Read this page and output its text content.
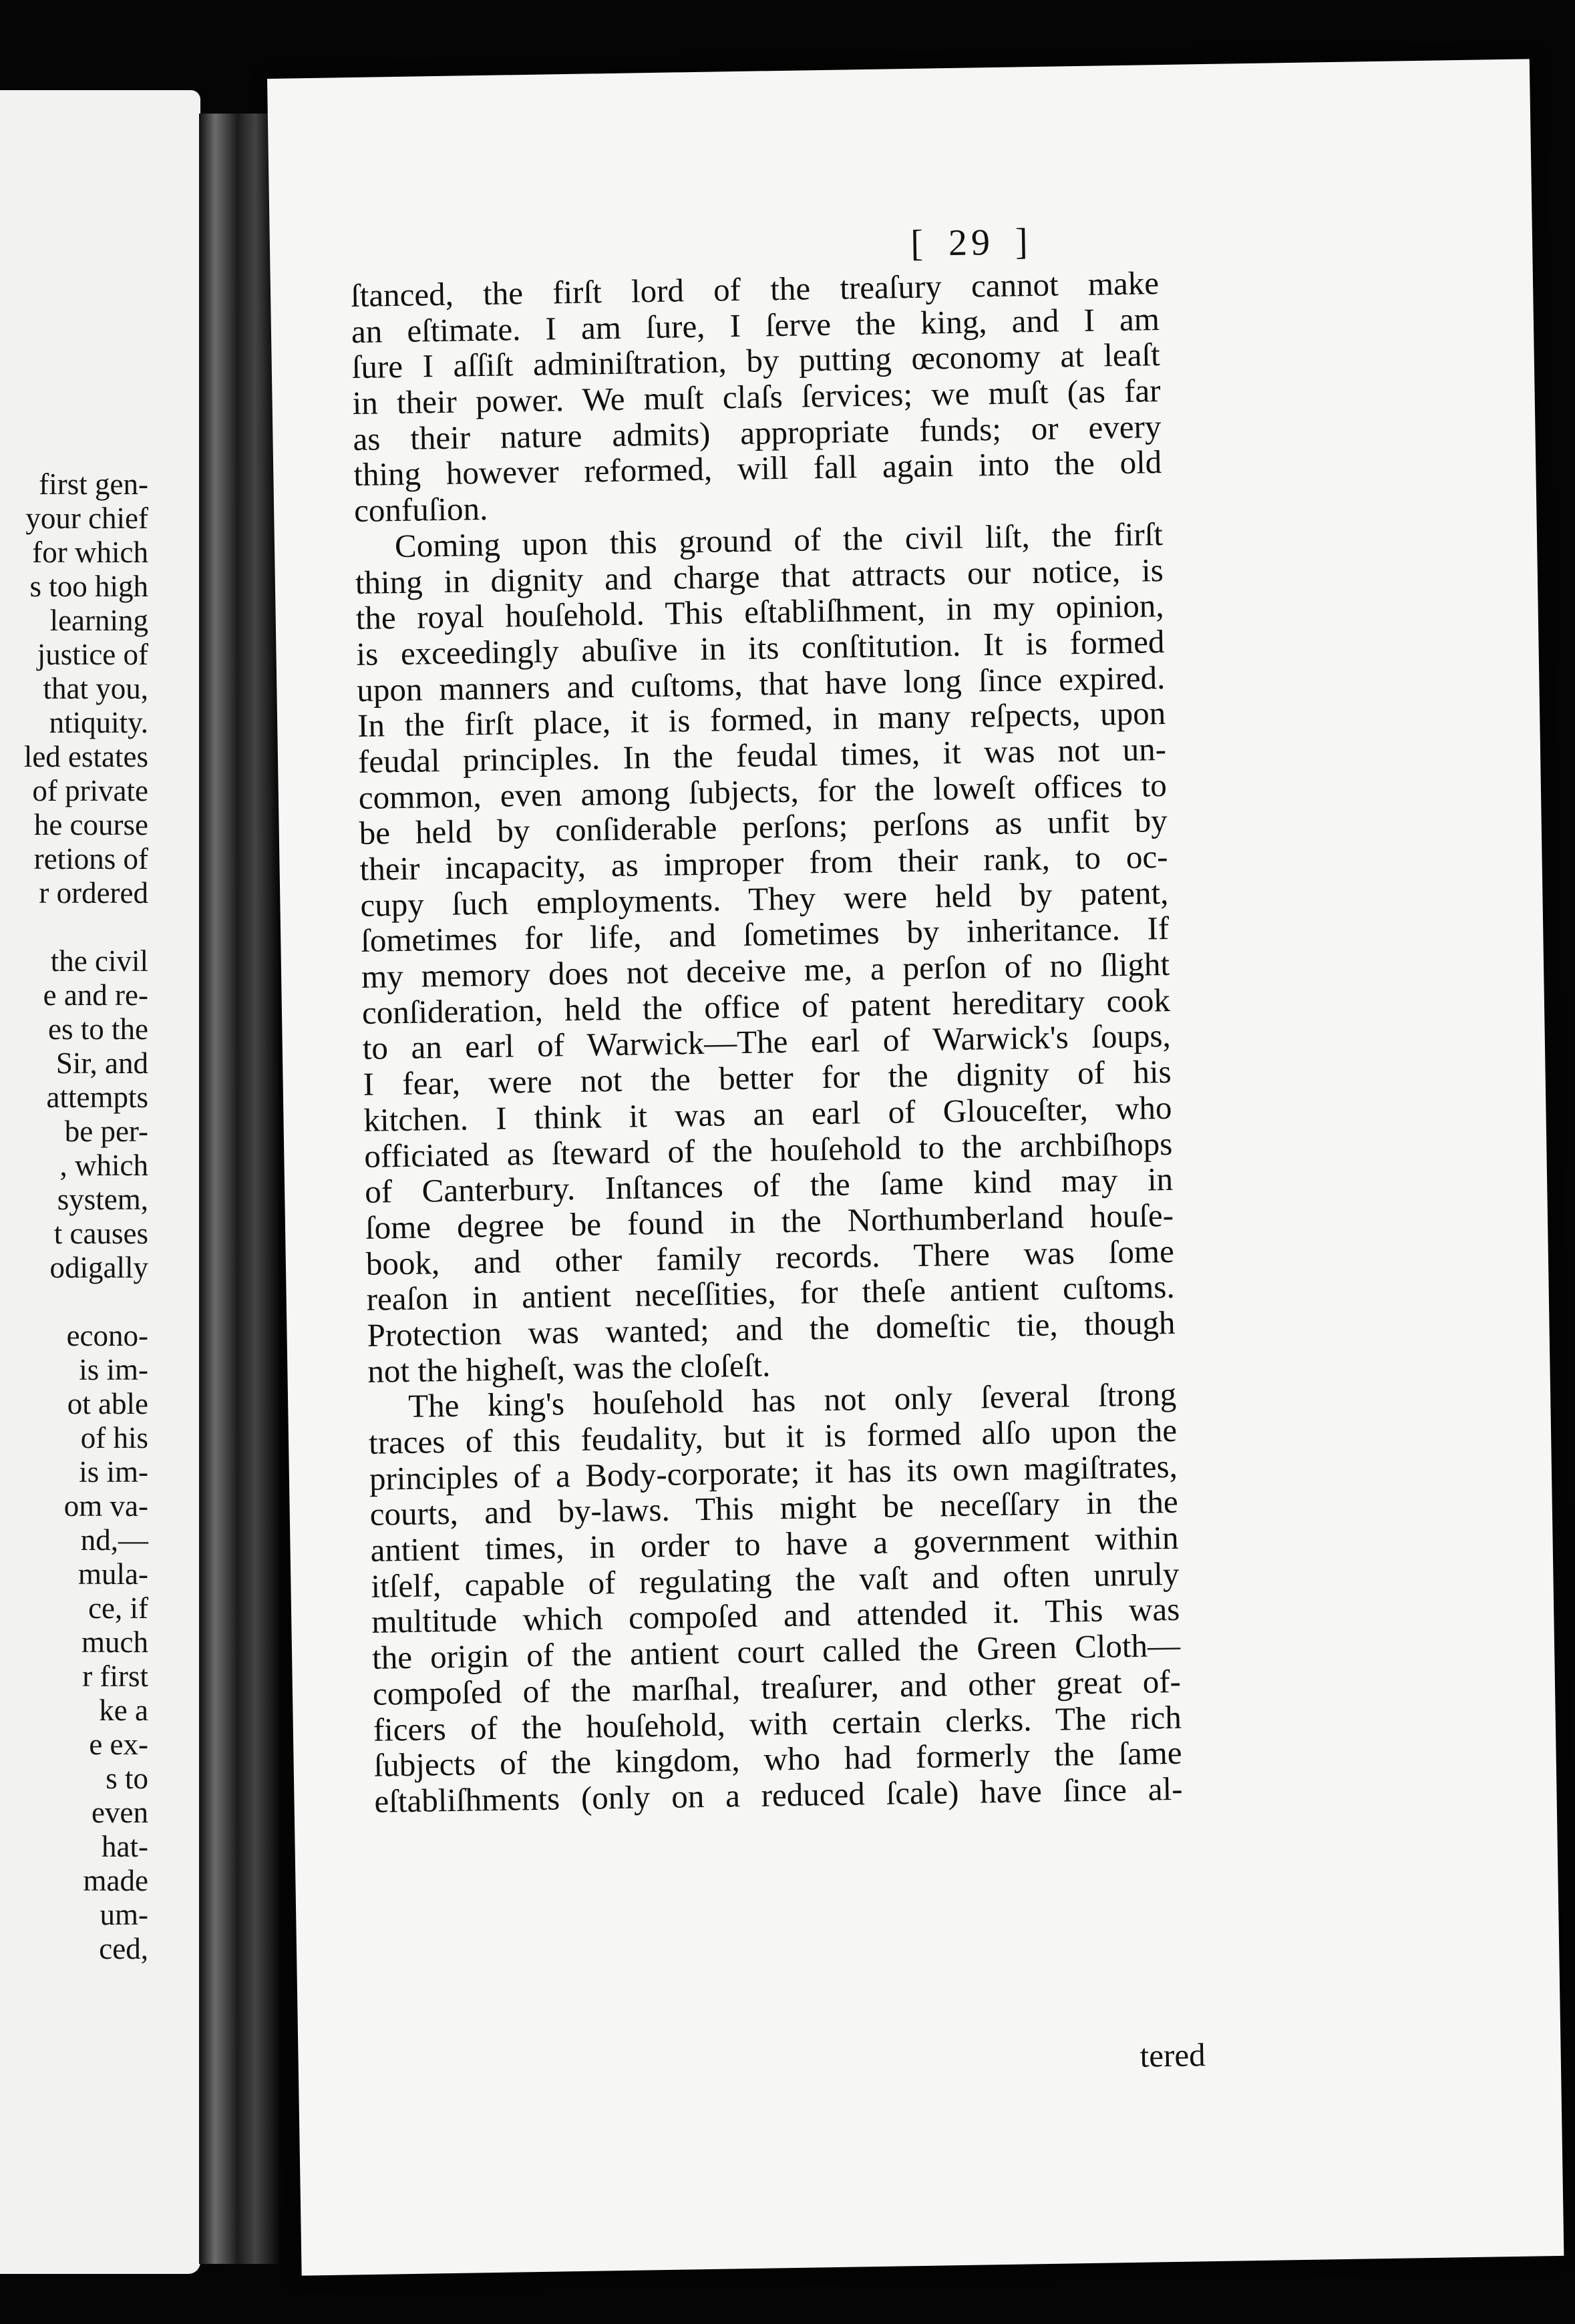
first gen-
your chief
for which
s too high
learning
justice of
that you,
ntiquity.
led estates
of private
he course
retions of
r ordered
the civil
e and re-
es to the
Sir, and
attempts
be per-
, which
system,
t causes
odigally
econo-
is im-
ot able
of his
is im-
om va-
nd,—
mula-
ce, if
much
r first
ke a
e ex-
s to
even
hat-
made
um-
ced,
[ 29 ]
ſtanced, the firſt lord of the treaſury cannot make
an eſtimate. I am ſure, I ſerve the king, and I am
ſure I aſſiſt adminiſtration, by putting œconomy at leaſt
in their power. We muſt claſs ſervices; we muſt (as far
as their nature admits) appropriate funds; or every
thing however reformed, will fall again into the old
confuſion.
Coming upon this ground of the civil liſt, the firſt
thing in dignity and charge that attracts our notice, is
the royal houſehold. This eſtabliſhment, in my opinion,
is exceedingly abuſive in its conſtitution. It is formed
upon manners and cuſtoms, that have long ſince expired.
In the firſt place, it is formed, in many reſpects, upon
feudal principles. In the feudal times, it was not un-
common, even among ſubjects, for the loweſt offices to
be held by conſiderable perſons; perſons as unfit by
their incapacity, as improper from their rank, to oc-
cupy ſuch employments. They were held by patent,
ſometimes for life, and ſometimes by inheritance. If
my memory does not deceive me, a perſon of no ſlight
conſideration, held the office of patent hereditary cook
to an earl of Warwick—The earl of Warwick's ſoups,
I fear, were not the better for the dignity of his
kitchen. I think it was an earl of Glouceſter, who
officiated as ſteward of the houſehold to the archbiſhops
of Canterbury. Inſtances of the ſame kind may in
ſome degree be found in the Northumberland houſe-
book, and other family records. There was ſome
reaſon in antient neceſſities, for theſe antient cuſtoms.
Protection was wanted; and the domeſtic tie, though
not the higheſt, was the cloſeſt.
The king's houſehold has not only ſeveral ſtrong
traces of this feudality, but it is formed alſo upon the
principles of a Body-corporate; it has its own magiſtrates,
courts, and by-laws. This might be neceſſary in the
antient times, in order to have a government within
itſelf, capable of regulating the vaſt and often unruly
multitude which compoſed and attended it. This was
the origin of the antient court called the Green Cloth—
compoſed of the marſhal, treaſurer, and other great of-
ficers of the houſehold, with certain clerks. The rich
ſubjects of the kingdom, who had formerly the ſame
eſtabliſhments (only on a reduced ſcale) have ſince al-
tered
